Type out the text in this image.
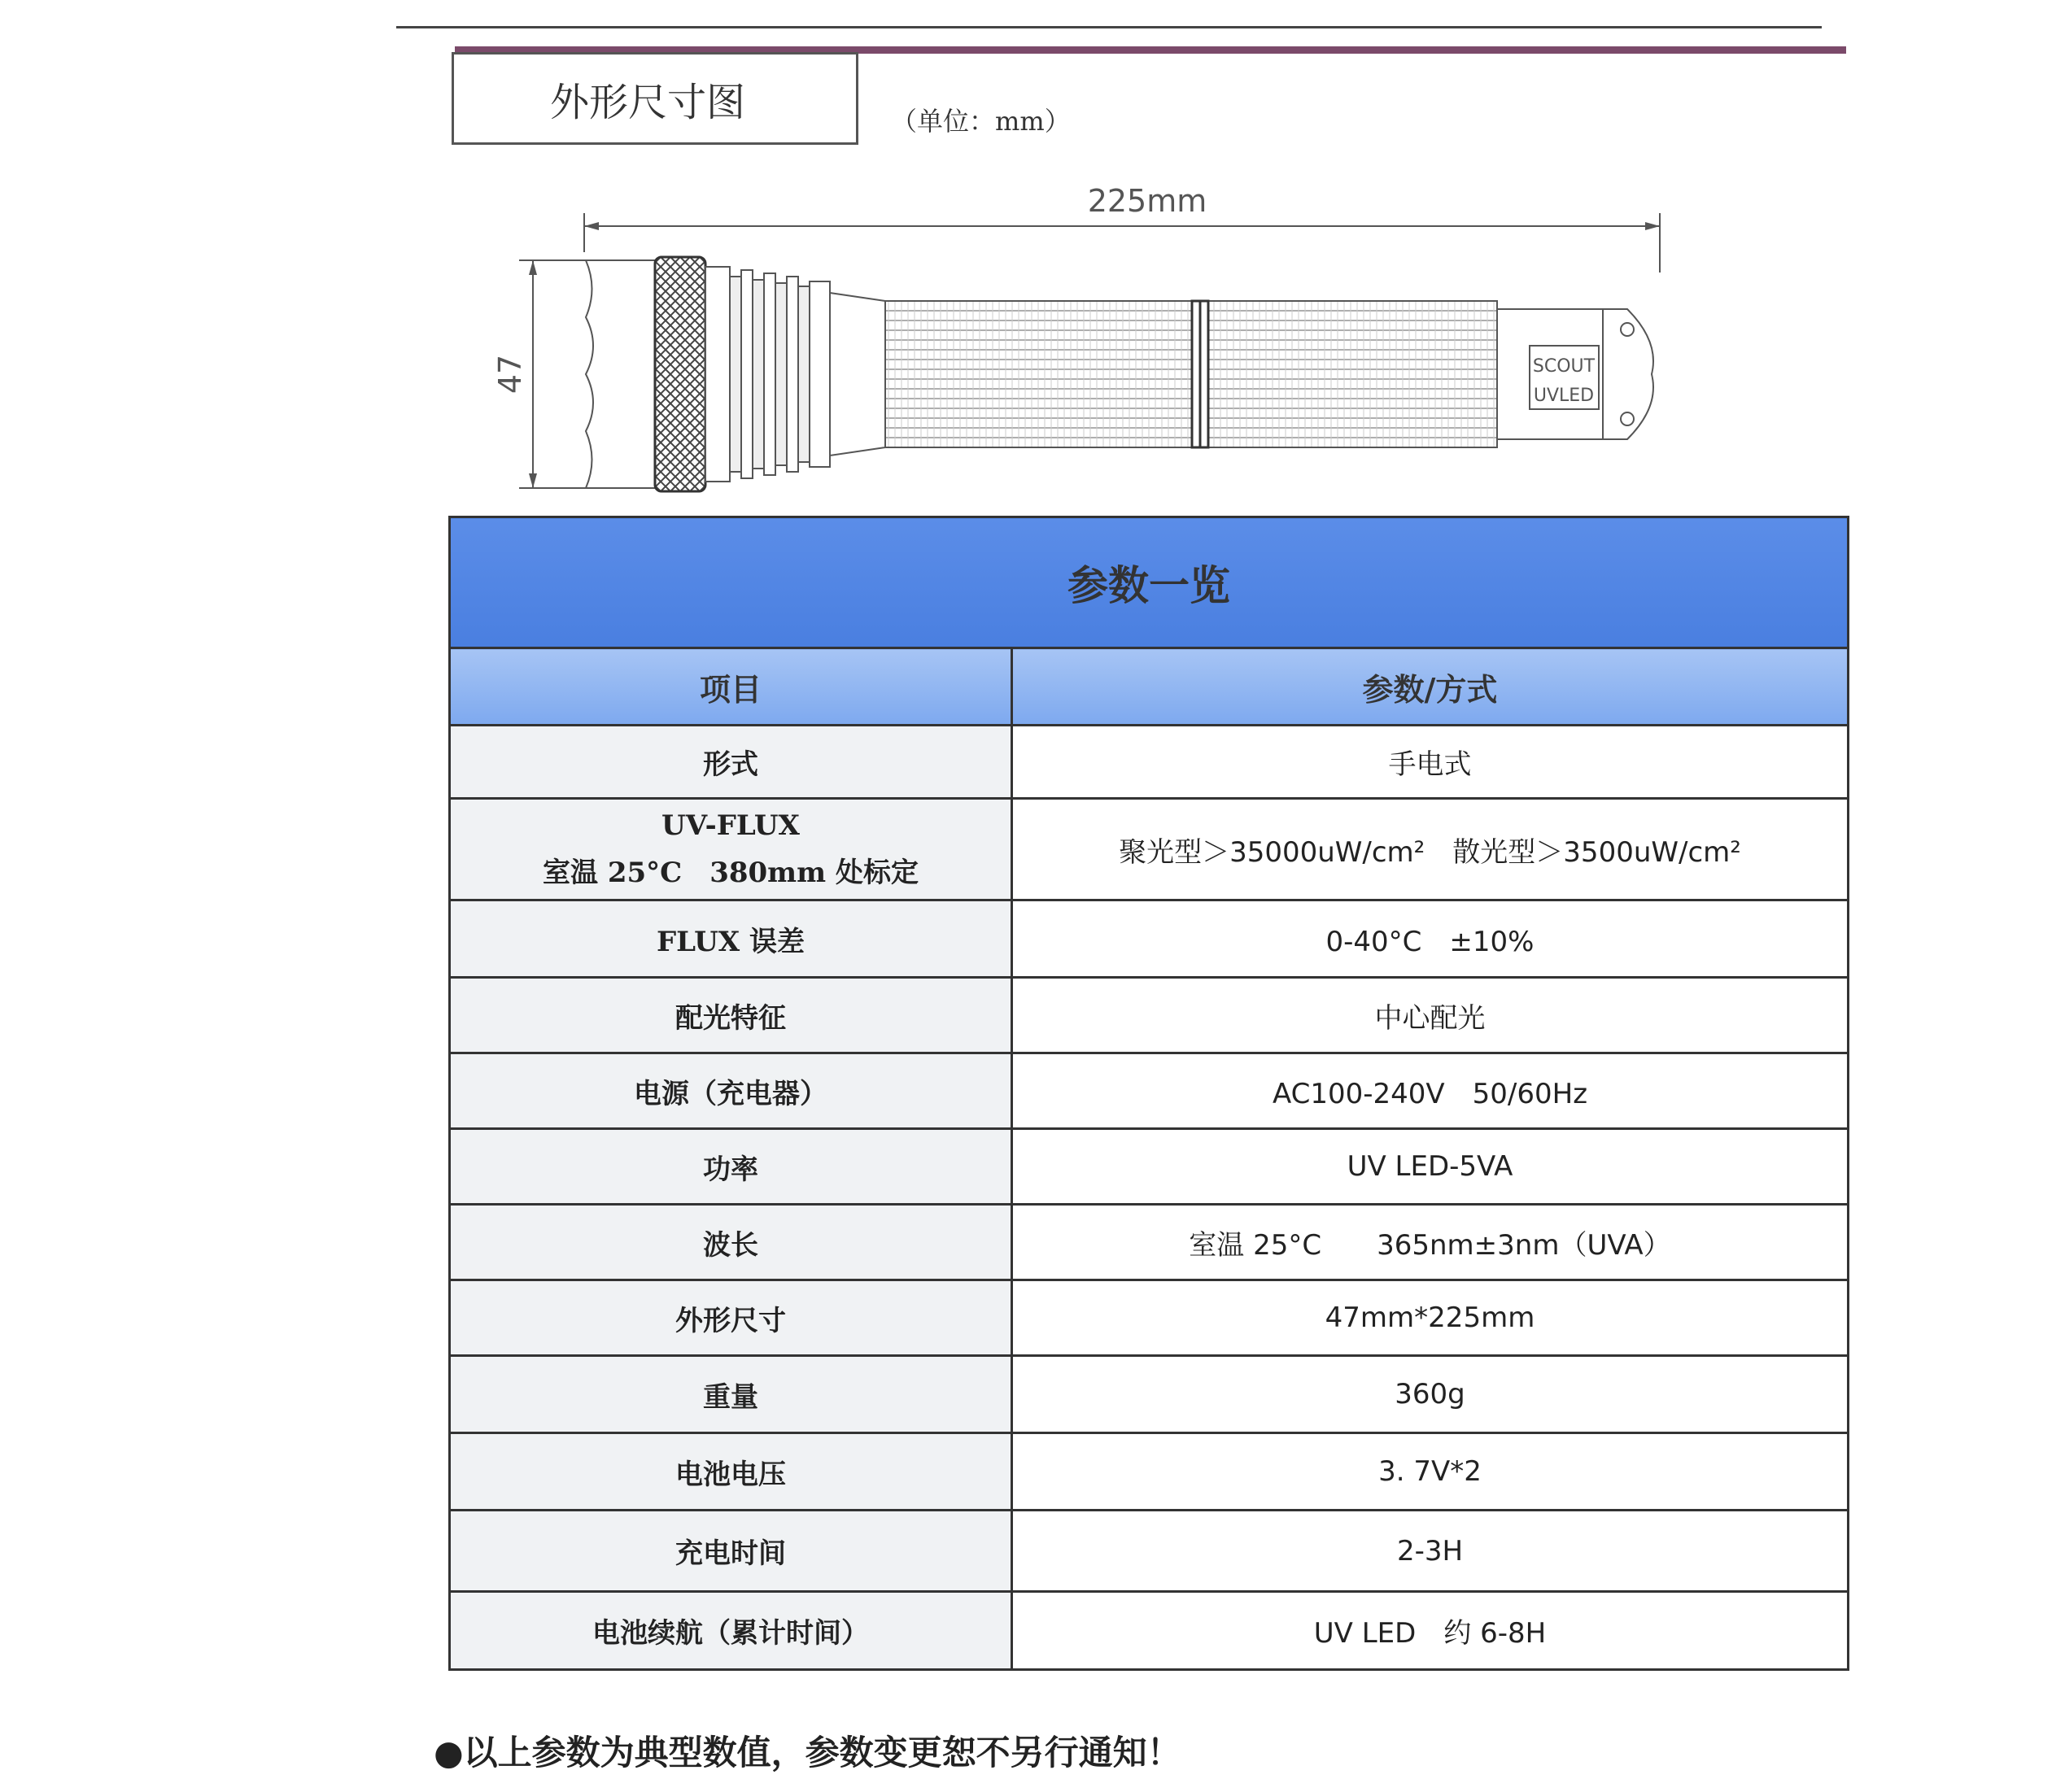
外形尺寸图	（单位：mm）
225mm
47	SCOUT
UVLED
参数一览	
项目	参数/方式

形式	手电式

UV-FLUX
室温 25°C　380mm 处标定	聚光型＞35000uW/cm²　散光型＞3500uW/cm²

FLUX 误差	0-40°C　±10%

配光特征	中心配光

电源（充电器）	AC100-240V　50/60Hz

功率	UV LED-5VA

波长	室温 25°C　　365nm±3nm（UVA）

外形尺寸	47mm*225mm

重量	360g

电池电压	3. 7V*2

充电时间	2-3H

电池续航（累计时间）	UV LED　约 6-8H
●以上参数为典型数值，参数变更恕不另行通知！
